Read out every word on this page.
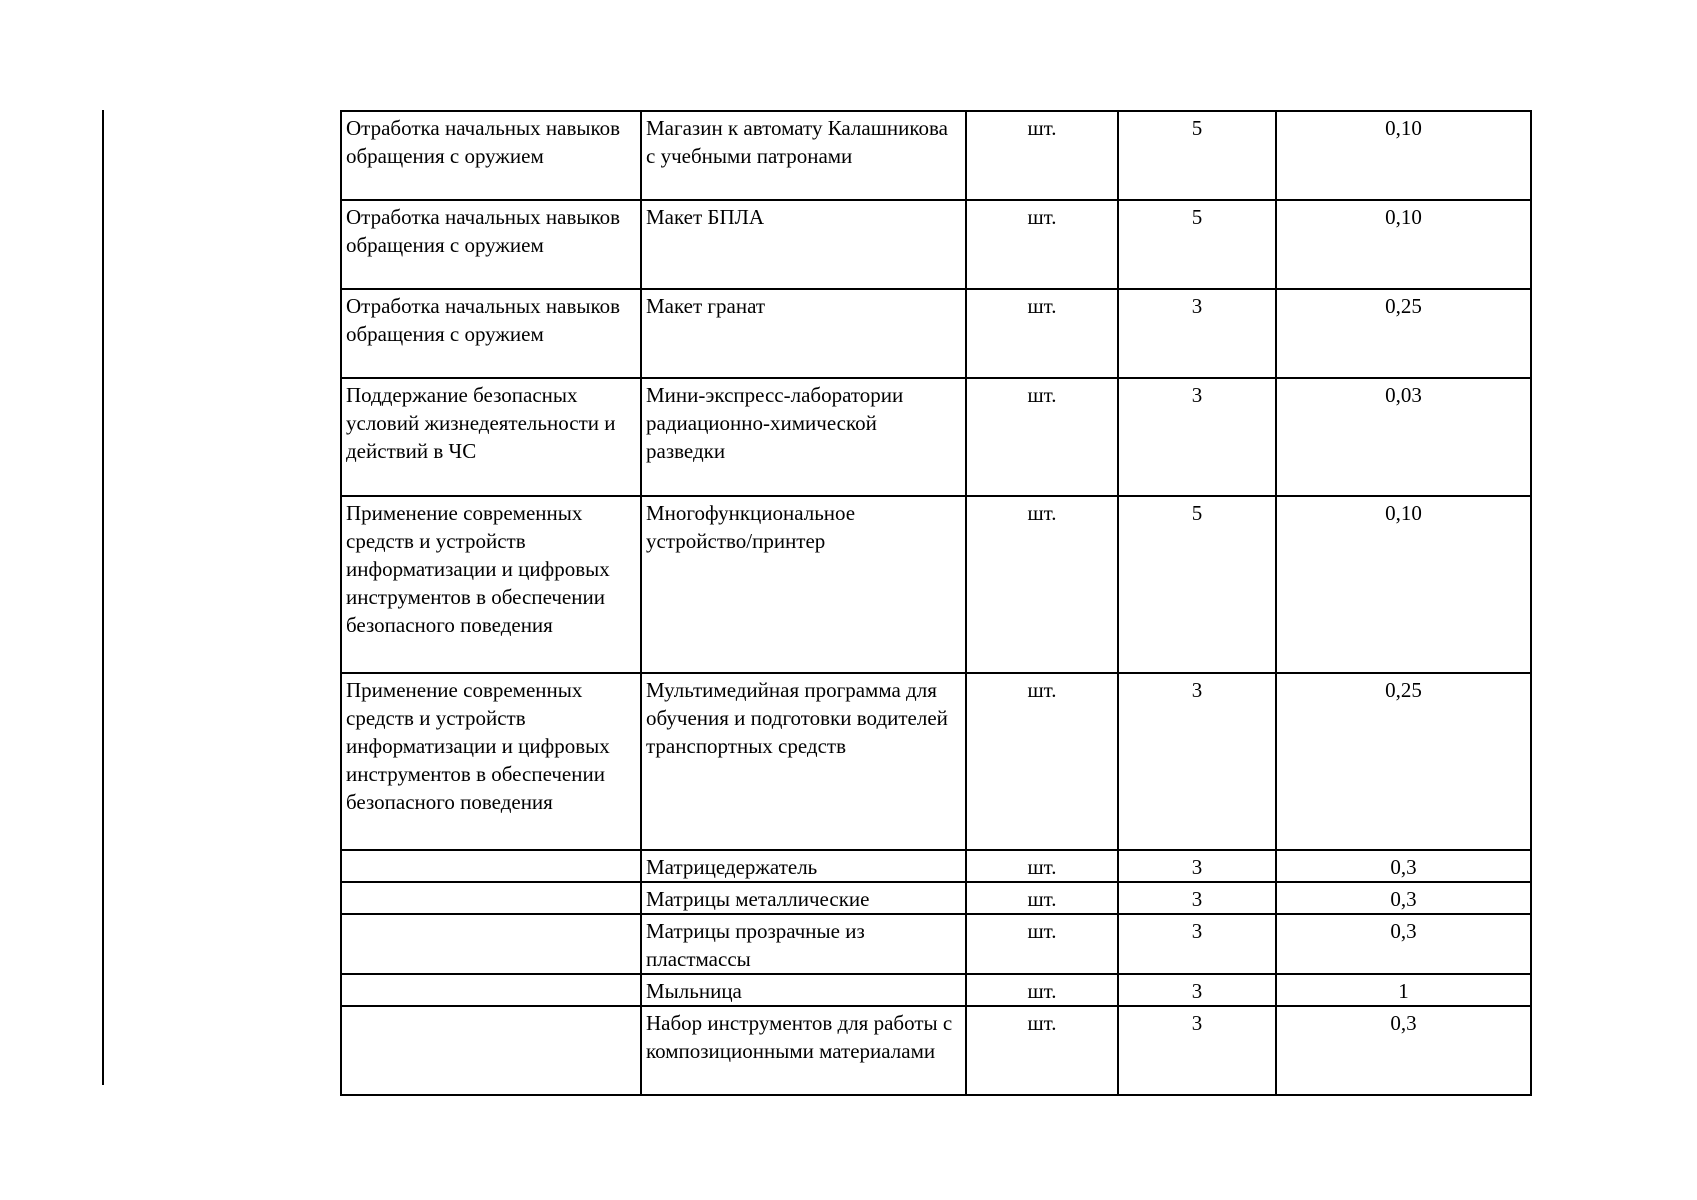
Отработка начальных навыков обращения с оружием	Магазин к автомату Калашникова с учебными патронами	шт.	5	0,10
Отработка начальных навыков обращения с оружием	Макет БПЛА	шт.	5	0,10
Отработка начальных навыков обращения с оружием	Макет гранат	шт.	3	0,25
Поддержание безопасных условий жизнедеятельности и действий в ЧС	Мини-экспресс-лаборатории радиационно-химической разведки	шт.	3	0,03
Применение современных средств и устройств информатизации и цифровых инструментов в обеспечении безопасного поведения	Многофункциональное устройство/принтер	шт.	5	0,10
Применение современных средств и устройств информатизации и цифровых инструментов в обеспечении безопасного поведения	Мультимедийная программа для обучения и подготовки водителей транспортных средств	шт.	3	0,25
	Матрицедержатель	шт.	3	0,3
	Матрицы металлические	шт.	3	0,3
	Матрицы прозрачные из пластмассы	шт.	3	0,3
	Мыльница	шт.	3	1
	Набор инструментов для работы с композиционными материалами	шт.	3	0,3
